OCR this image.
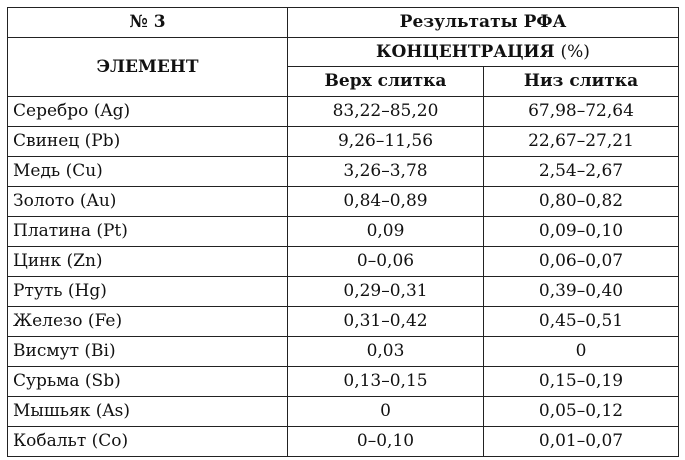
№ 3	Результаты РФА	
ЭЛЕМЕНТ	КОНЦЕНТРАЦИЯ (%)	
	Верх слитка	Низ слитка
Серебро (Ag)	83,22–85,20	67,98–72,64
Свинец (Pb)	9,26–11,56	22,67–27,21
Медь (Cu)	3,26–3,78	2,54–2,67
Золото (Au)	0,84–0,89	0,80–0,82
Платина (Pt)	0,09	0,09–0,10
Цинк (Zn)	0–0,06	0,06–0,07
Ртуть (Hg)	0,29–0,31	0,39–0,40
Железо (Fe)	0,31–0,42	0,45–0,51
Висмут (Bi)	0,03	0
Сурьма (Sb)	0,13–0,15	0,15–0,19
Мышьяк (As)	0	0,05–0,12
Кобальт (Co)	0–0,10	0,01–0,07
